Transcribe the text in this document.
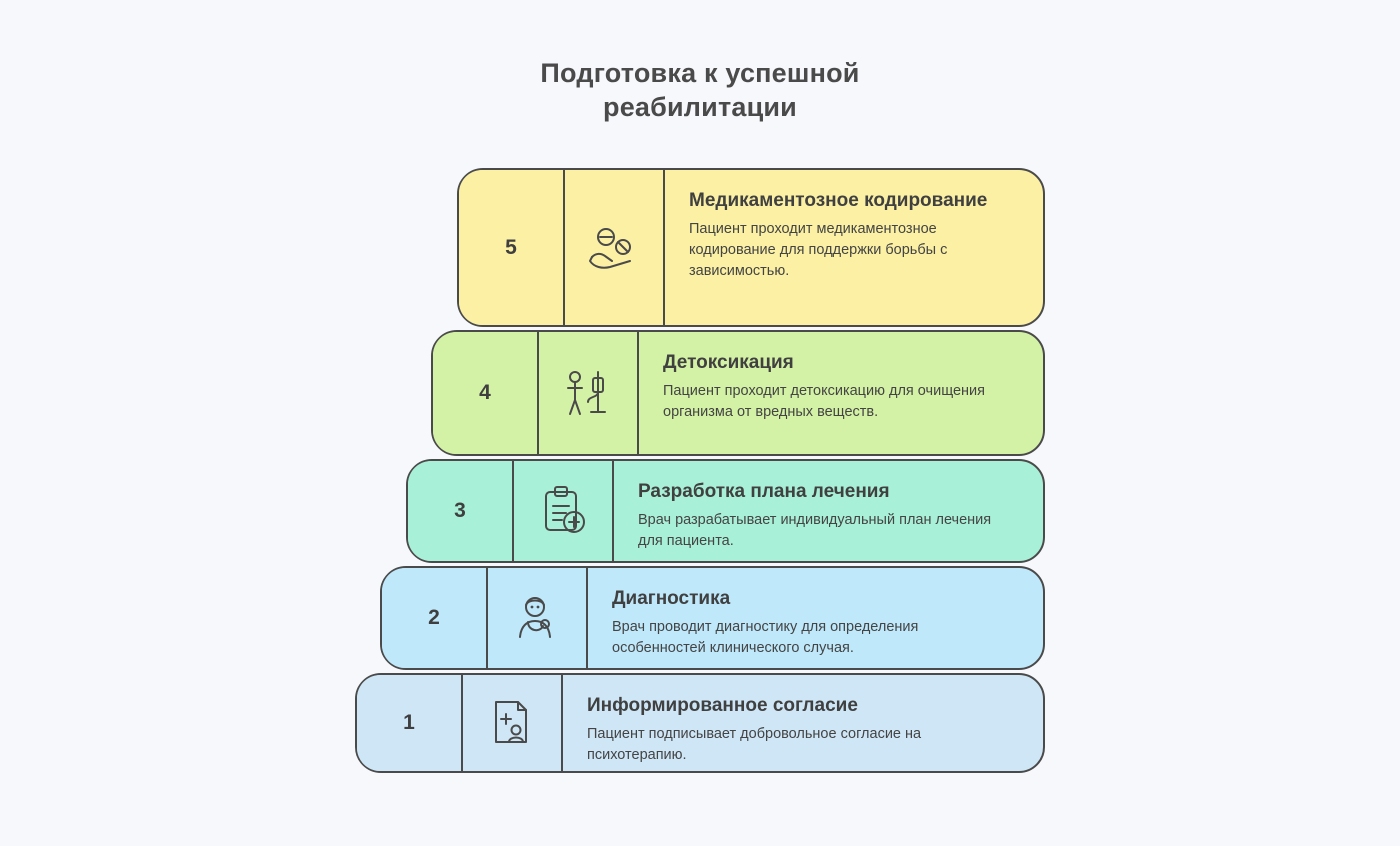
Подготовка к успешной
реабилитации
5
Медикаментозное кодирование
Пациент проходит медикаментозное кодирование для поддержки борьбы с зависимостью.
4
Детоксикация
Пациент проходит детоксикацию для очищения организма от вредных веществ.
3
Разработка плана лечения
Врач разрабатывает индивидуальный план лечения для пациента.
2
Диагностика
Врач проводит диагностику для определения особенностей клинического случая.
1
Информированное согласие
Пациент подписывает добровольное согласие на психотерапию.
